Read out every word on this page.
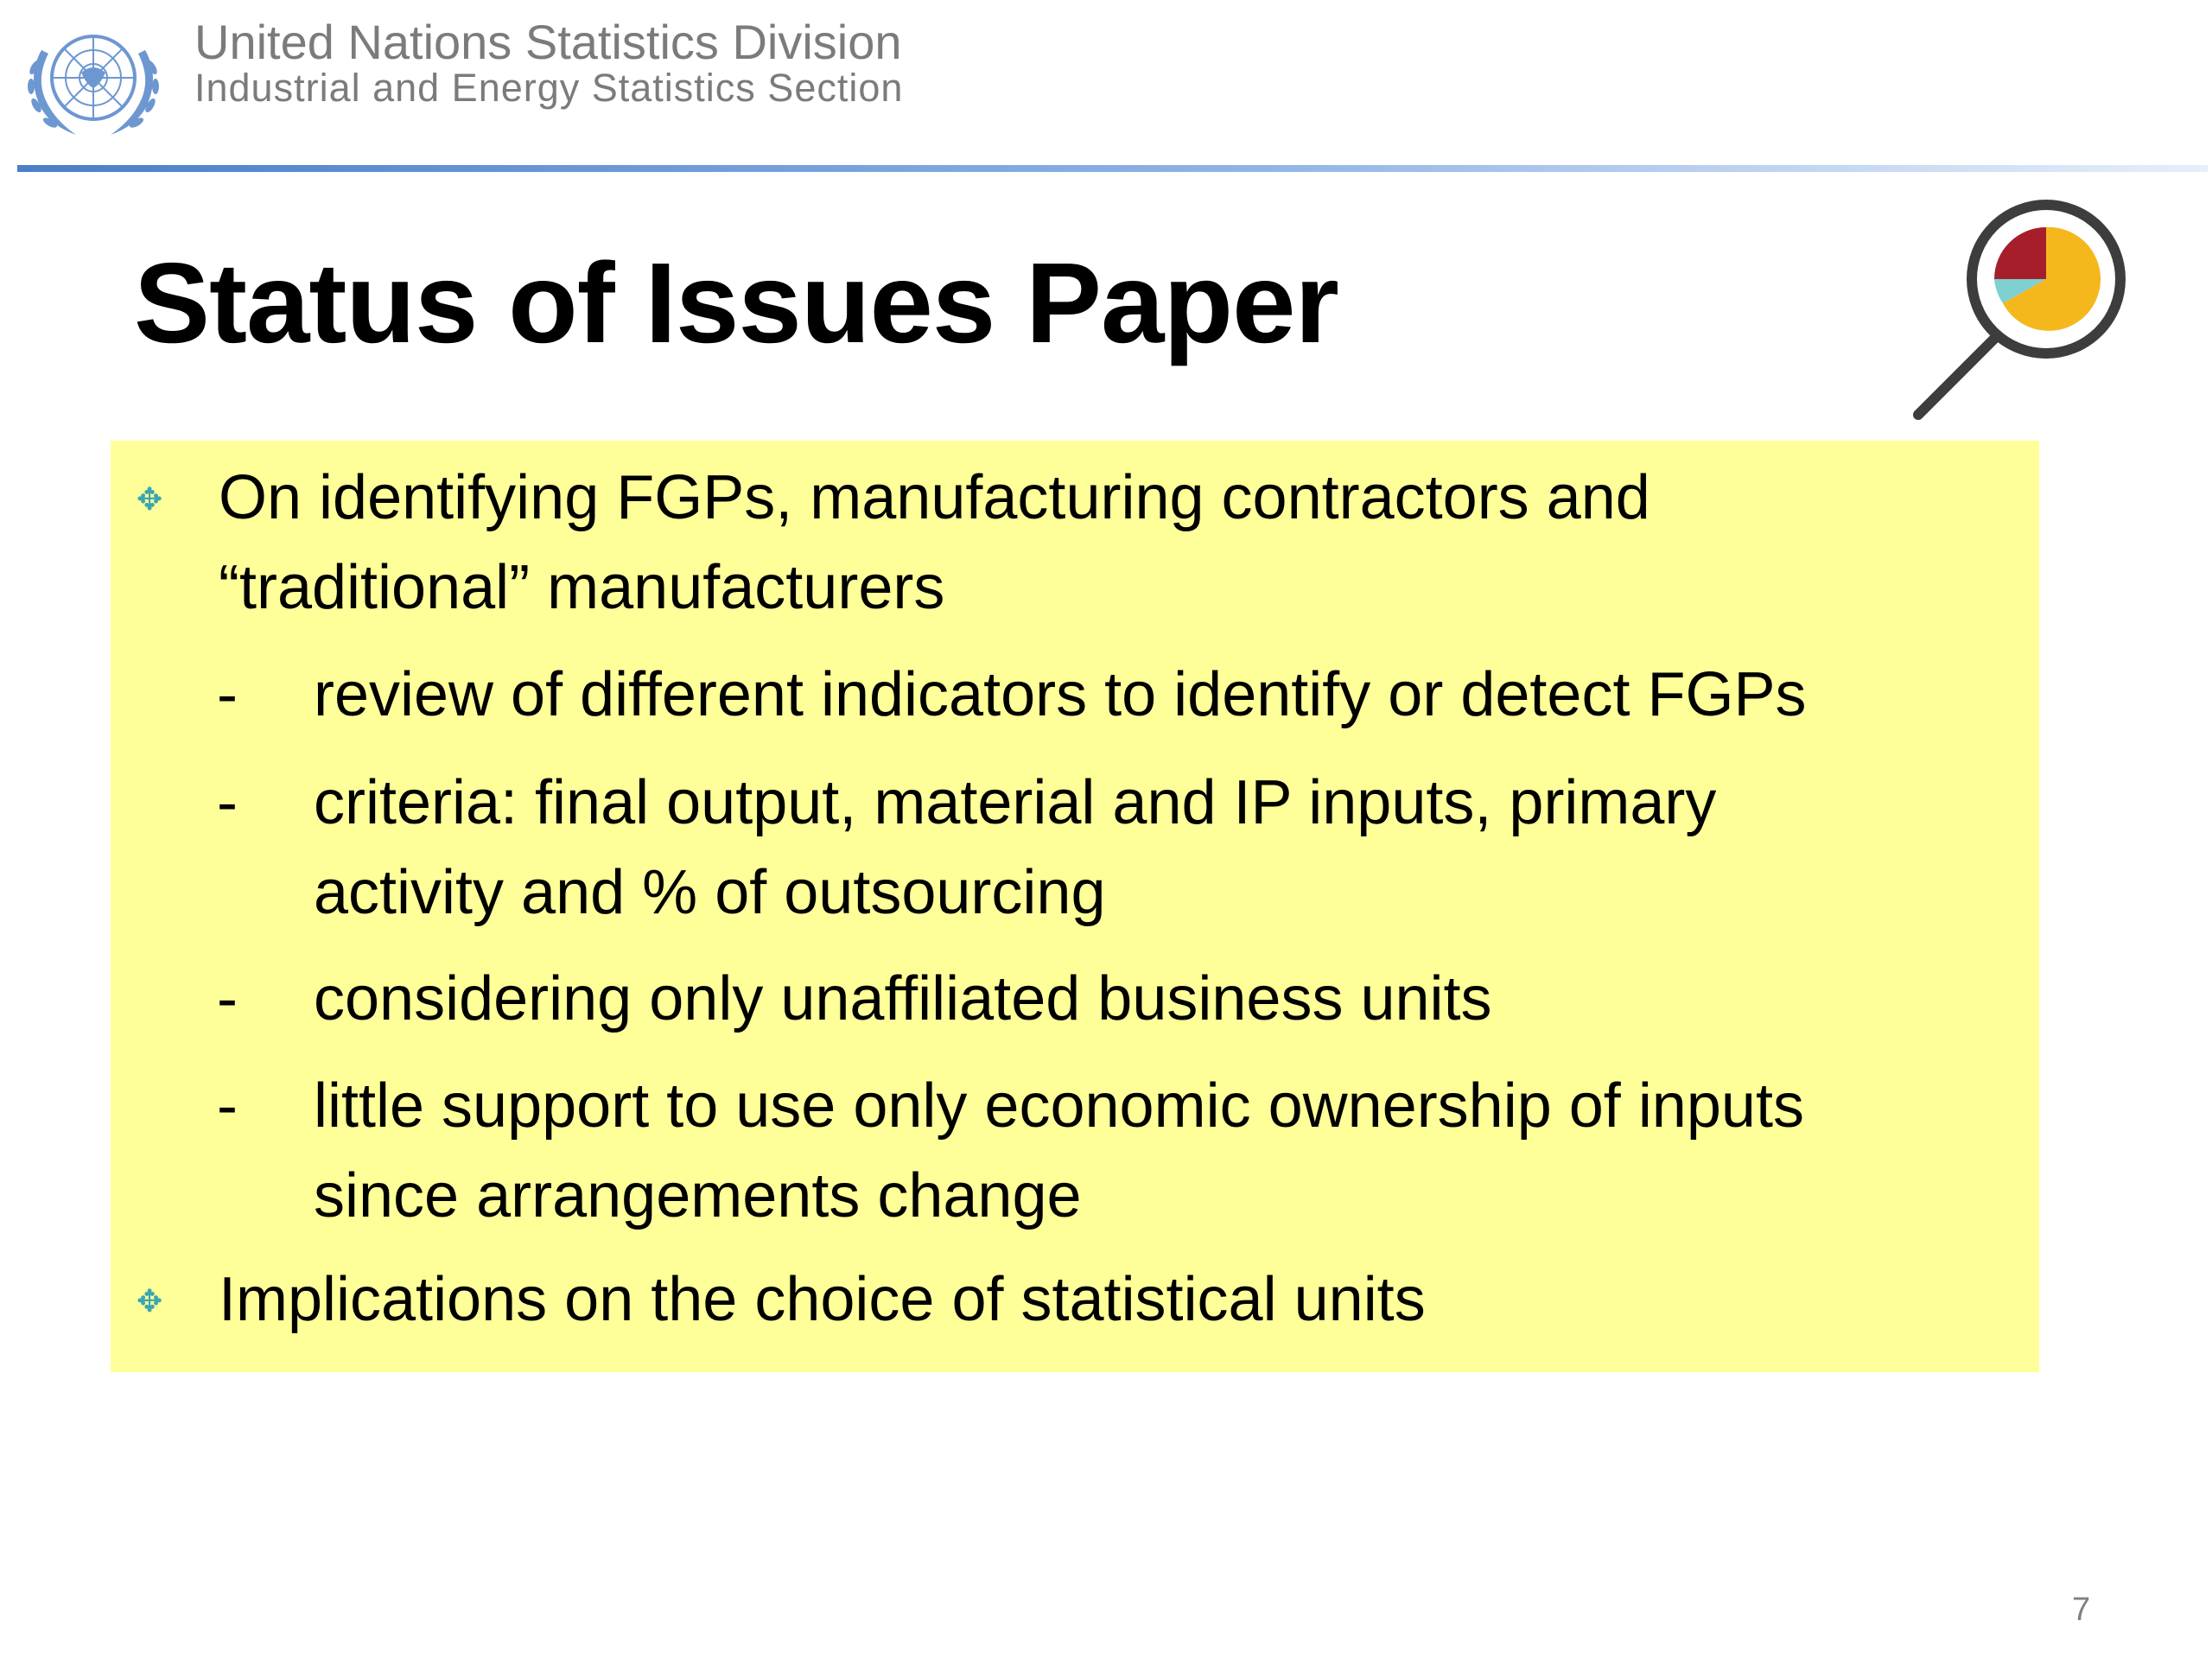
United Nations Statistics Division
Industrial and Energy Statistics Section
Status of Issues Paper
✥ On identifying FGPs, manufacturing contractors and
“traditional” manufacturers
- review of different indicators to identify or detect FGPs
- criteria: final output, material and IP inputs, primary
activity and % of outsourcing
- considering only unaffiliated business units
- little support to use only economic ownership of inputs
since arrangements change
✥ Implications on the choice of statistical units
7
